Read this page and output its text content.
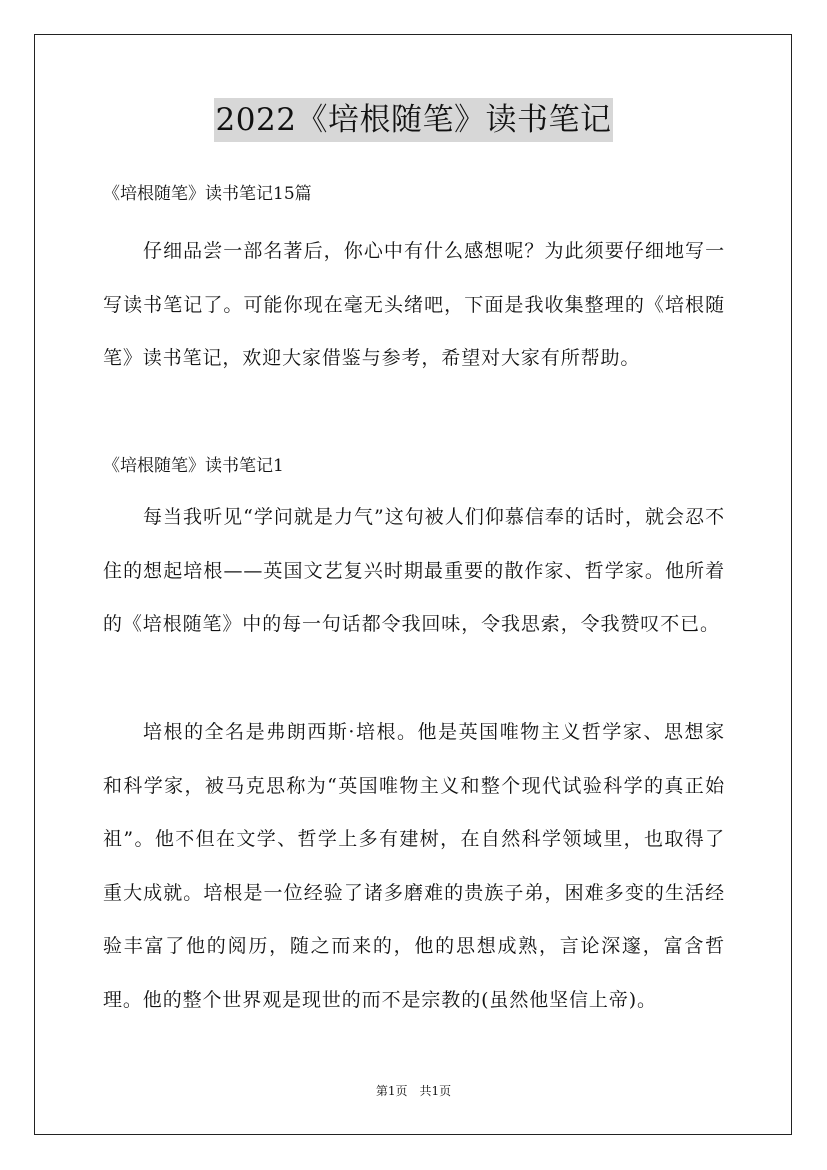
2022《培根随笔》读书笔记
《培根随笔》读书笔记15篇

仔细品尝一部名著后，你心中有什么感想呢？为此须要仔细地写一写读书笔记了。可能你现在毫无头绪吧，下面是我收集整理的《培根随笔》读书笔记，欢迎大家借鉴与参考，希望对大家有所帮助。

《培根随笔》读书笔记1

每当我听见“学问就是力气”这句被人们仰慕信奉的话时，就会忍不住的想起培根——英国文艺复兴时期最重要的散作家、哲学家。他所着的《培根随笔》中的每一句话都令我回味，令我思索，令我赞叹不已。

培根的全名是弗朗西斯·培根。他是英国唯物主义哲学家、思想家和科学家，被马克思称为“英国唯物主义和整个现代试验科学的真正始祖”。他不但在文学、哲学上多有建树，在自然科学领域里，也取得了重大成就。培根是一位经验了诸多磨难的贵族子弟，困难多变的生活经验丰富了他的阅历，随之而来的，他的思想成熟，言论深邃，富含哲理。他的整个世界观是现世的而不是宗教的(虽然他坚信上帝)。

第1页 共1页
